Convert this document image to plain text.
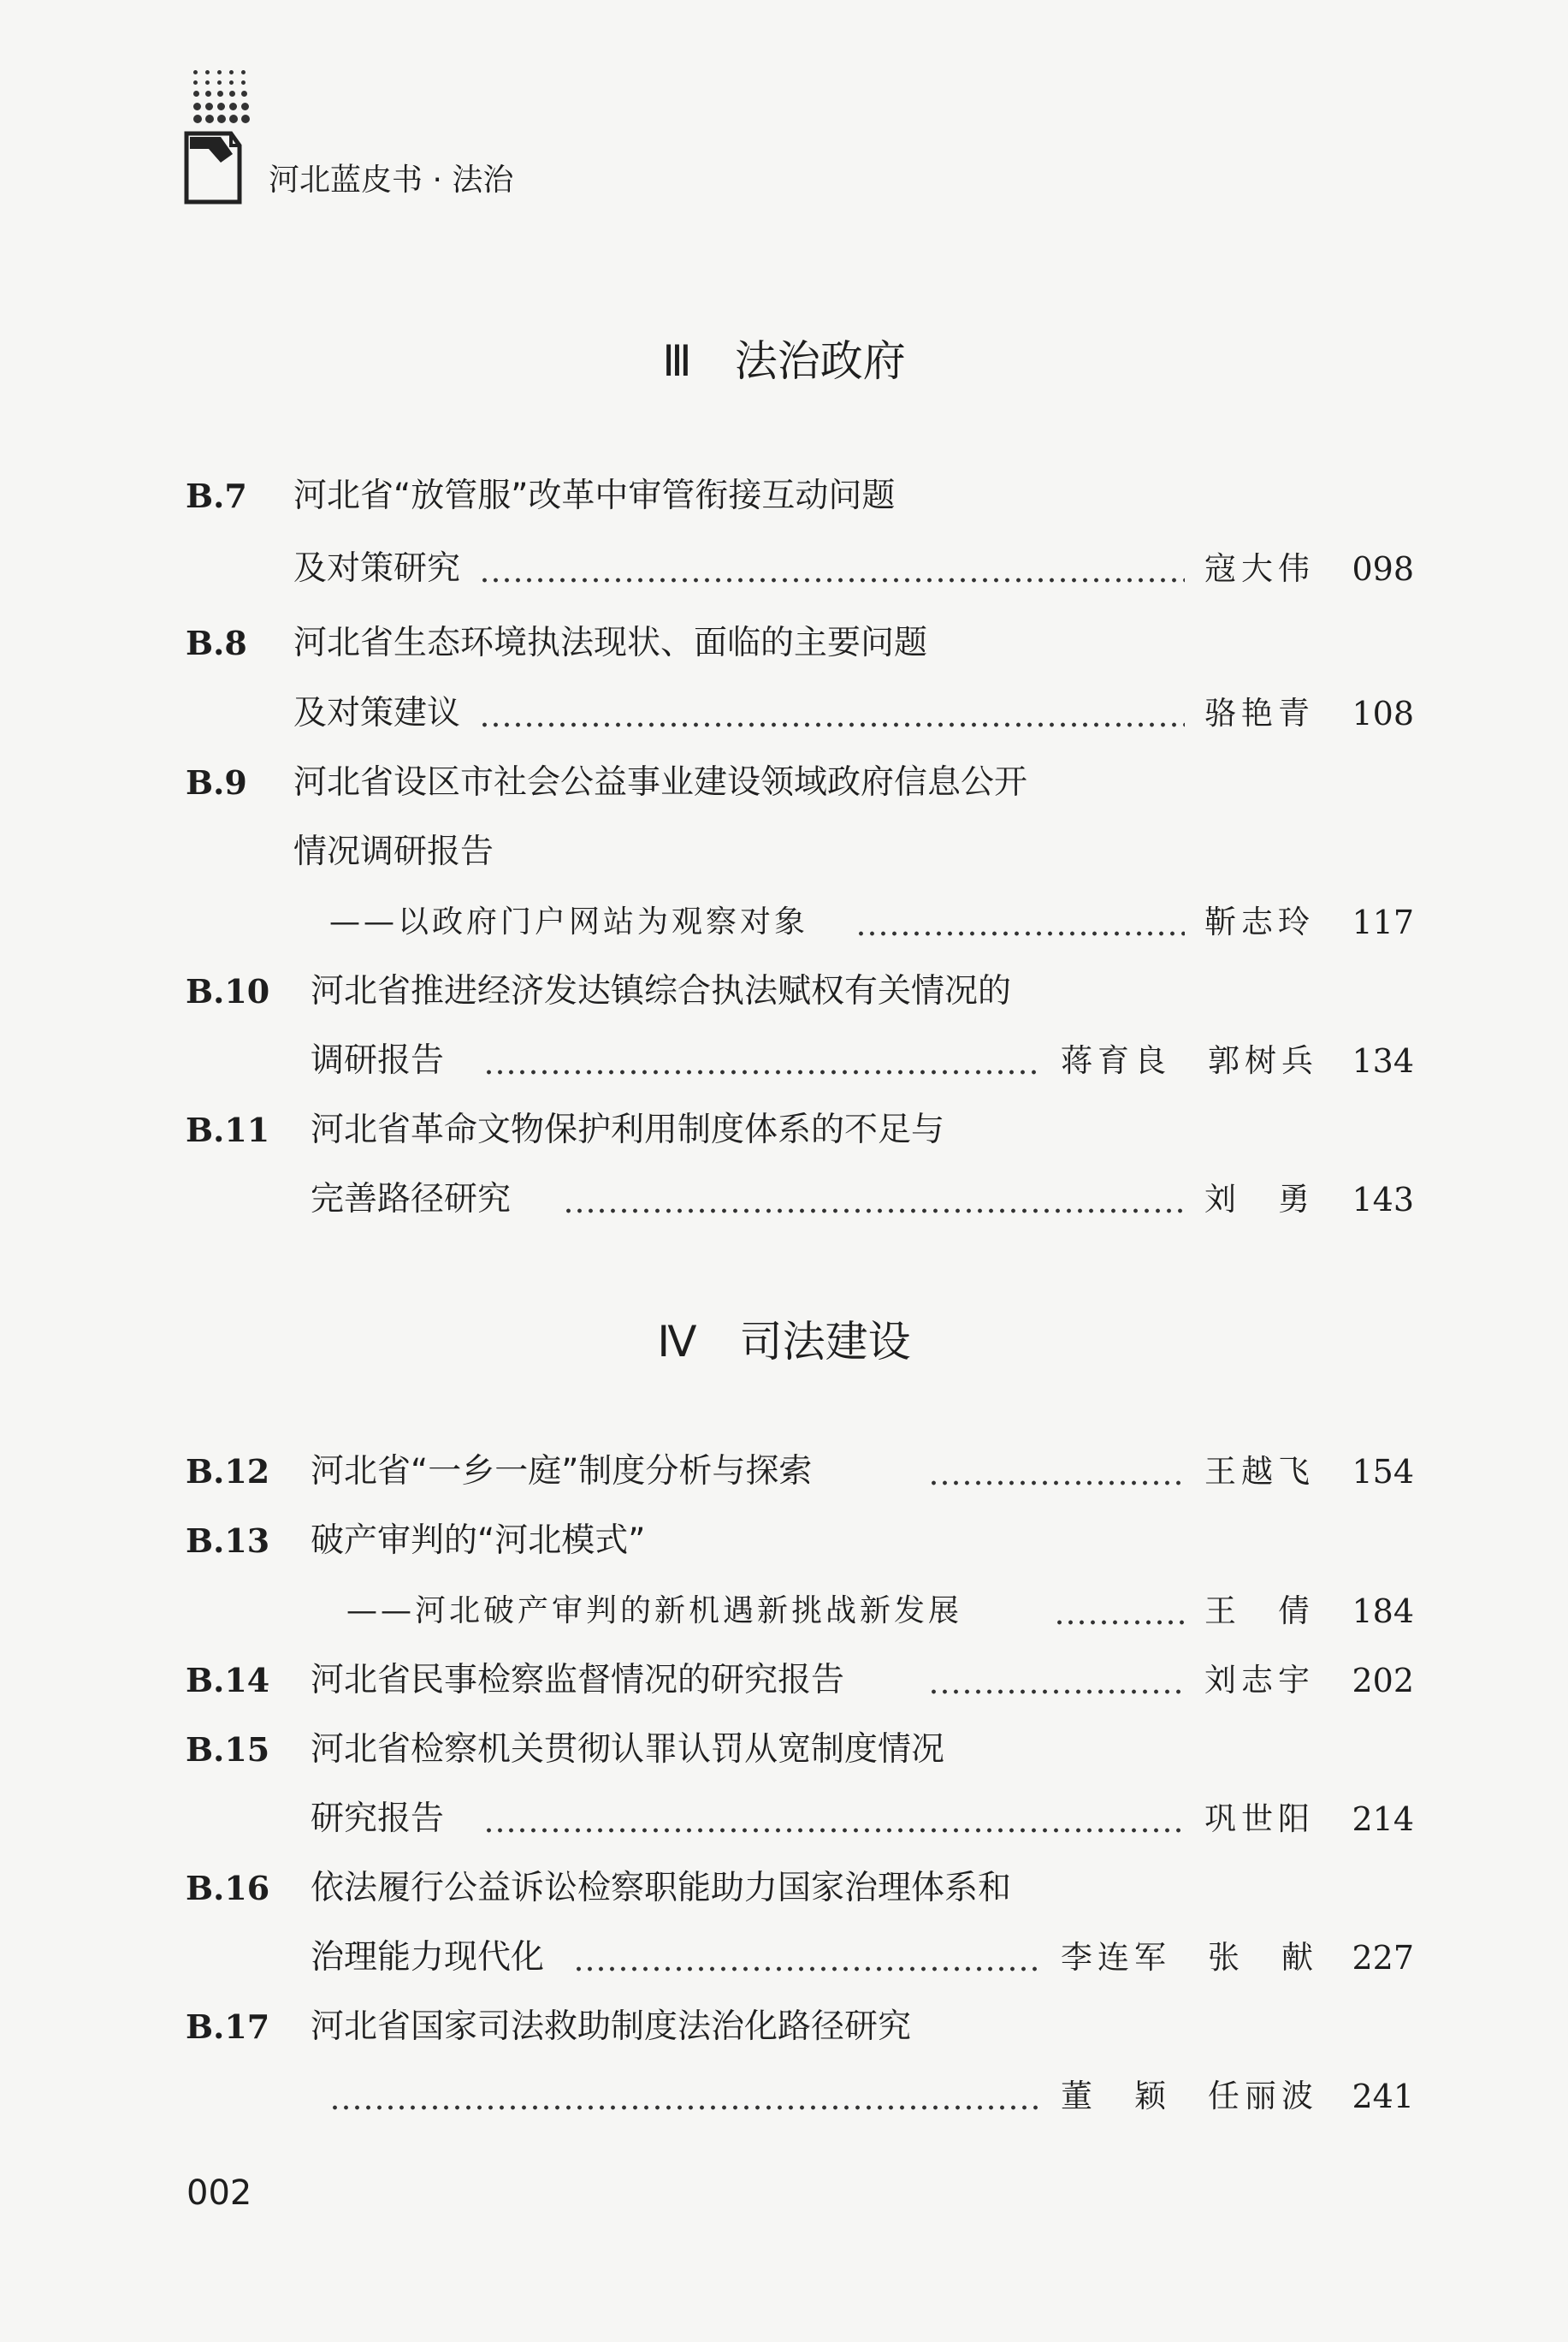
河北蓝皮书 · 法治
Ⅲ 法治政府
B.7 河北省“放管服”改革中审管衔接互动问题
及对策研究	寇大伟 098
B.8 河北省生态环境执法现状、面临的主要问题
及对策建议	骆艳青 108
B.9 河北省设区市社会公益事业建设领域政府信息公开
情况调研报告
——以政府门户网站为观察对象	靳志玲 117
B.10 河北省推进经济发达镇综合执法赋权有关情况的
调研报告	蒋育良　郭树兵 134
B.11 河北省革命文物保护利用制度体系的不足与
完善路径研究	刘　勇 143
Ⅳ 司法建设
B.12 河北省“一乡一庭”制度分析与探索	王越飞 154
B.13 破产审判的“河北模式”
——河北破产审判的新机遇新挑战新发展	王　倩 184
B.14 河北省民事检察监督情况的研究报告	刘志宇 202
B.15 河北省检察机关贯彻认罪认罚从宽制度情况
研究报告	巩世阳 214
B.16 依法履行公益诉讼检察职能助力国家治理体系和
治理能力现代化	李连军　张　献 227
B.17 河北省国家司法救助制度法治化路径研究
董　颖　任丽波 241
002
